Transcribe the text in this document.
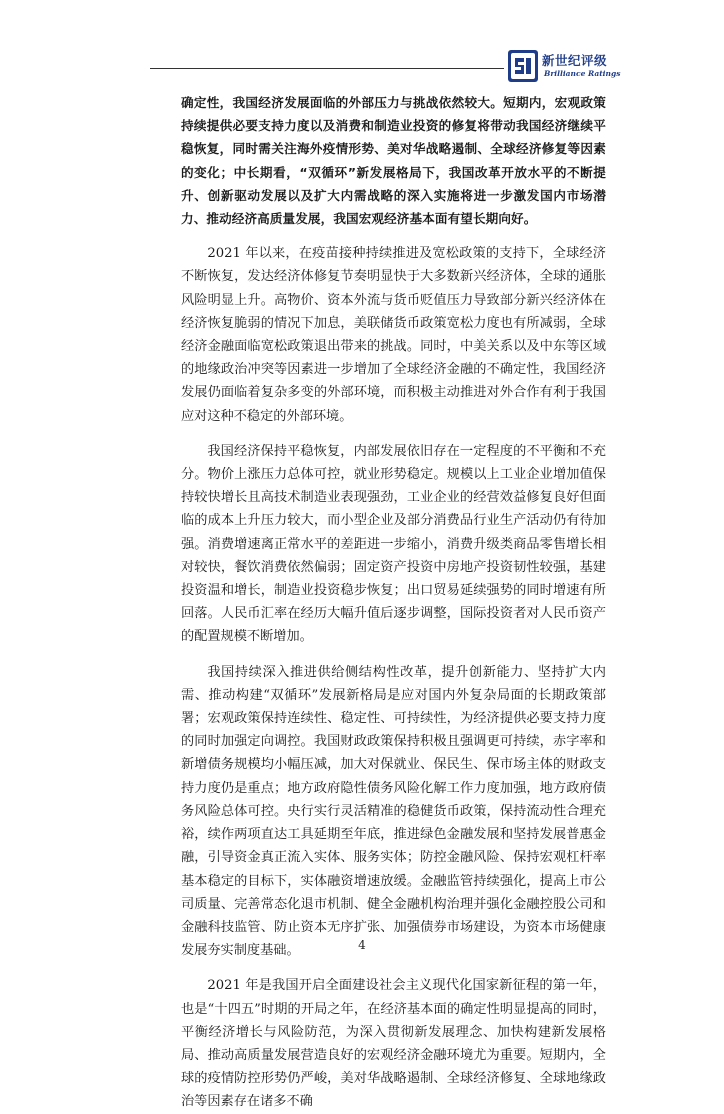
新世纪评级
Brilliance Ratings

确定性，我国经济发展面临的外部压力与挑战依然较大。短期内，宏观政策持续提供必要支持力度以及消费和制造业投资的修复将带动我国经济继续平稳恢复，同时需关注海外疫情形势、美对华战略遏制、全球经济修复等因素的变化；中长期看，“双循环”新发展格局下，我国改革开放水平的不断提升、创新驱动发展以及扩大内需战略的深入实施将进一步激发国内市场潜力、推动经济高质量发展，我国宏观经济基本面有望长期向好。

2021 年以来，在疫苗接种持续推进及宽松政策的支持下，全球经济不断恢复，发达经济体修复节奏明显快于大多数新兴经济体，全球的通胀风险明显上升。高物价、资本外流与货币贬值压力导致部分新兴经济体在经济恢复脆弱的情况下加息，美联储货币政策宽松力度也有所减弱，全球经济金融面临宽松政策退出带来的挑战。同时，中美关系以及中东等区域的地缘政治冲突等因素进一步增加了全球经济金融的不确定性，我国经济发展仍面临着复杂多变的外部环境，而积极主动推进对外合作有利于我国应对这种不稳定的外部环境。

我国经济保持平稳恢复，内部发展依旧存在一定程度的不平衡和不充分。物价上涨压力总体可控，就业形势稳定。规模以上工业企业增加值保持较快增长且高技术制造业表现强劲，工业企业的经营效益修复良好但面临的成本上升压力较大，而小型企业及部分消费品行业生产活动仍有待加强。消费增速离正常水平的差距进一步缩小，消费升级类商品零售增长相对较快，餐饮消费依然偏弱；固定资产投资中房地产投资韧性较强，基建投资温和增长，制造业投资稳步恢复；出口贸易延续强势的同时增速有所回落。人民币汇率在经历大幅升值后逐步调整，国际投资者对人民币资产的配置规模不断增加。

我国持续深入推进供给侧结构性改革，提升创新能力、坚持扩大内需、推动构建“双循环”发展新格局是应对国内外复杂局面的长期政策部署；宏观政策保持连续性、稳定性、可持续性，为经济提供必要支持力度的同时加强定向调控。我国财政政策保持积极且强调更可持续，赤字率和新增债务规模均小幅压减，加大对保就业、保民生、保市场主体的财政支持力度仍是重点；地方政府隐性债务风险化解工作力度加强，地方政府债务风险总体可控。央行实行灵活精准的稳健货币政策，保持流动性合理充裕，续作两项直达工具延期至年底，推进绿色金融发展和坚持发展普惠金融，引导资金真正流入实体、服务实体；防控金融风险、保持宏观杠杆率基本稳定的目标下，实体融资增速放缓。金融监管持续强化，提高上市公司质量、完善常态化退市机制、健全金融机构治理并强化金融控股公司和金融科技监管、防止资本无序扩张、加强债券市场建设，为资本市场健康发展夯实制度基础。

2021 年是我国开启全面建设社会主义现代化国家新征程的第一年，也是“十四五”时期的开局之年，在经济基本面的确定性明显提高的同时，平衡经济增长与风险防范，为深入贯彻新发展理念、加快构建新发展格局、推动高质量发展营造良好的宏观经济金融环境尤为重要。短期内，全球的疫情防控形势仍严峻，美对华战略遏制、全球经济修复、全球地缘政治等因素存在诸多不确

4
